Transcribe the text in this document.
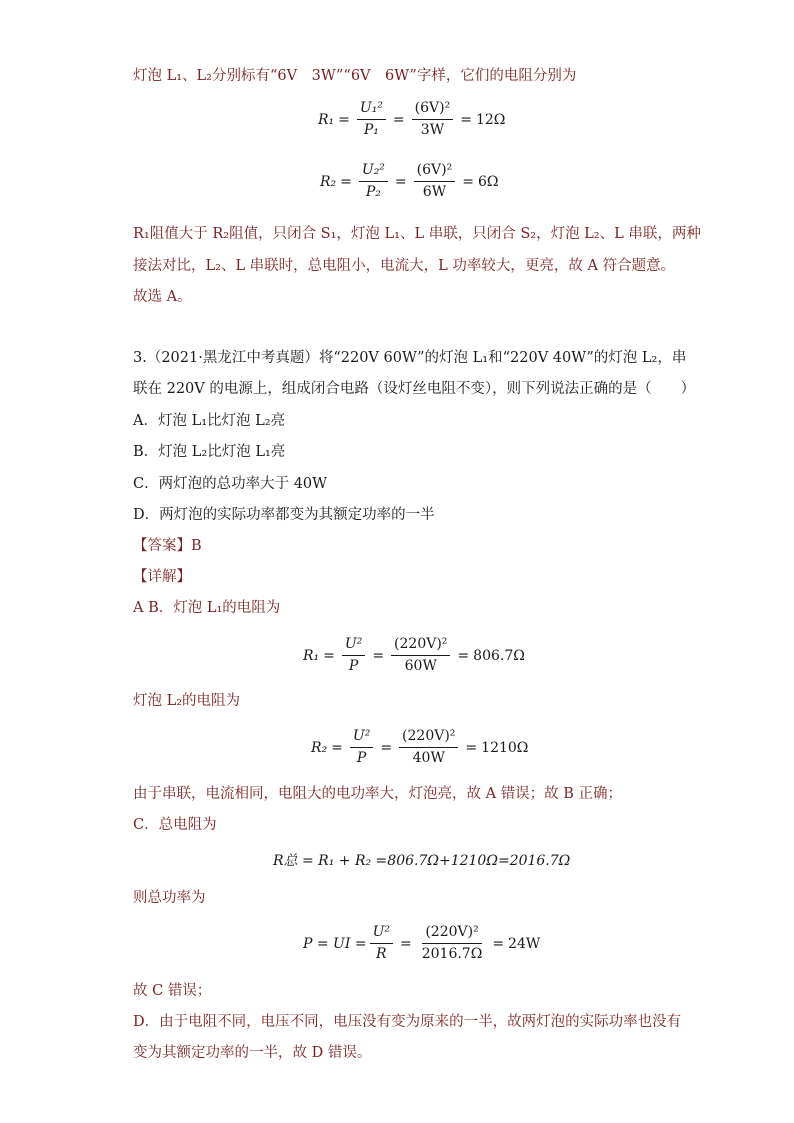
灯泡 L₁、L₂分别标有“6V　3W”“6V　6W”字样，它们的电阻分别为
$R_1 = \frac{\text{U₁²}}{\text{P₁}} = \frac{\text{(6V)²}}{3W} = 12\Omega$
$R_2 = \frac{\text{U₂²}}{\text{P₂}} = \frac{\text{(6V)²}}{6W} = 6\Omega$
R₁阻值大于 R₂阻值，只闭合 S₁，灯泡 L₁、L 串联，只闭合 S₂，灯泡 L₂、L 串联，两种
接法对比，L₂、L 串联时，总电阻小，电流大，L 功率较大，更亮，故 A 符合题意。
故选 A。
3.（2021·黑龙江中考真题）将“220V 60W”的灯泡 L₁和“220V 40W”的灯泡 L₂，串
联在 220V 的电源上，组成闭合电路（设灯丝电阻不变），则下列说法正确的是（　　）
A．灯泡 L₁比灯泡 L₂亮
B．灯泡 L₂比灯泡 L₁亮
C．两灯泡的总功率大于 40W
D．两灯泡的实际功率都变为其额定功率的一半
【答案】B
【详解】
A B．灯泡 L₁的电阻为
$R_1 = \frac{\text{U²}}{P} = \frac{\text{(220V)²}}{60W} = 806.7\Omega$
灯泡 L₂的电阻为
$R_2 = \frac{\text{U²}}{P} = \frac{\text{(220V)²}}{40W} = 1210\Omega$
由于串联，电流相同，电阻大的电功率大，灯泡亮，故 A 错误；故 B 正确；
C．总电阻为
R总 = R₁ + R₂ =806.7Ω+1210Ω=2016.7Ω
则总功率为
P = UI = $\frac{\text{U²}}{R} = \frac{\text{(220V)²}}{2016.7\Omega} = 24W$
故 C 错误；
D．由于电阻不同，电压不同，电压没有变为原来的一半，故两灯泡的实际功率也没有
变为其额定功率的一半，故 D 错误。
